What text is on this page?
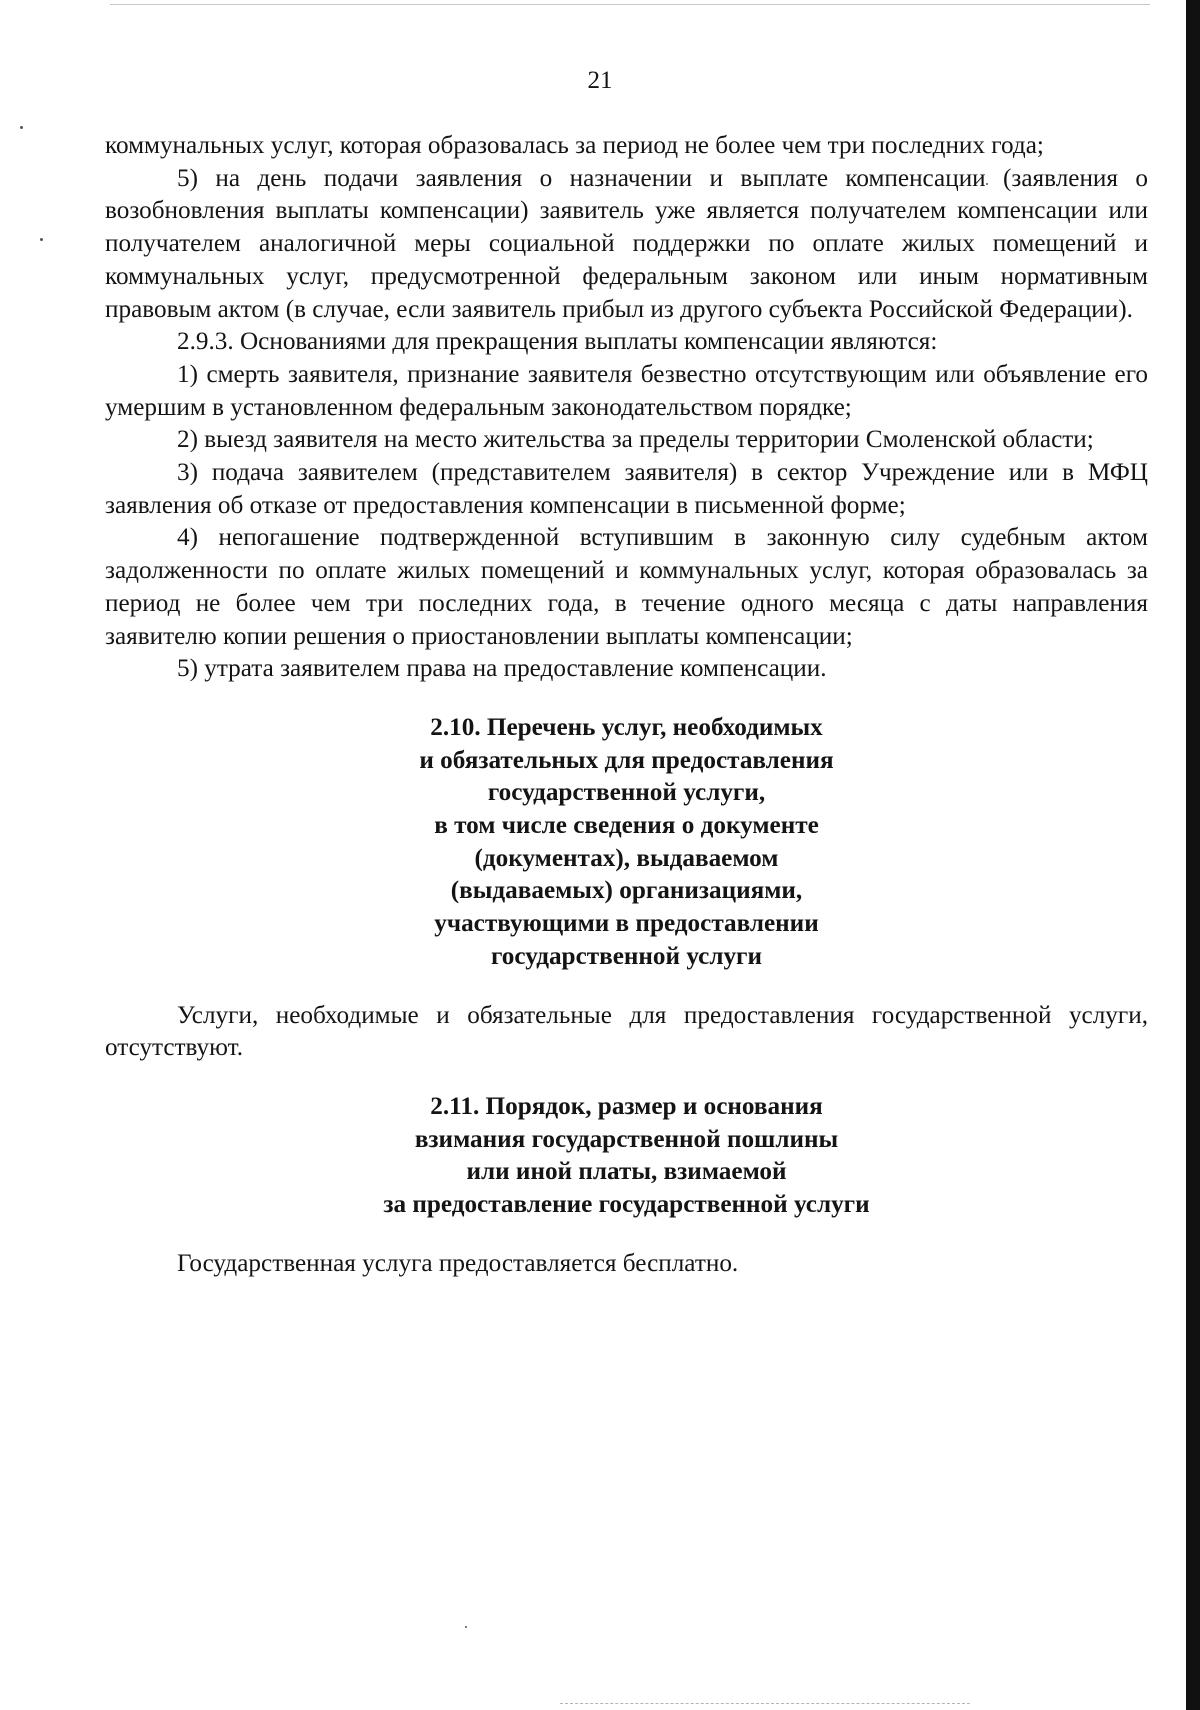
21

коммунальных услуг, которая образовалась за период не более чем три последних года;

5) на день подачи заявления о назначении и выплате компенсации (заявления о возобновления выплаты компенсации) заявитель уже является получателем компенсации или получателем аналогичной меры социальной поддержки по оплате жилых помещений и коммунальных услуг, предусмотренной федеральным законом или иным нормативным правовым актом (в случае, если заявитель прибыл из другого субъекта Российской Федерации).

2.9.3. Основаниями для прекращения выплаты компенсации являются:

1) смерть заявителя, признание заявителя безвестно отсутствующим или объявление его умершим в установленном федеральным законодательством порядке;

2) выезд заявителя на место жительства за пределы территории Смоленской области;

3) подача заявителем (представителем заявителя) в сектор Учреждение или в МФЦ заявления об отказе от предоставления компенсации в письменной форме;

4) непогашение подтвержденной вступившим в законную силу судебным актом задолженности по оплате жилых помещений и коммунальных услуг, которая образовалась за период не более чем три последних года, в течение одного месяца с даты направления заявителю копии решения о приостановлении выплаты компенсации;

5) утрата заявителем права на предоставление компенсации.

2.10. Перечень услуг, необходимых
и обязательных для предоставления
государственной услуги,
в том числе сведения о документе
(документах), выдаваемом
(выдаваемых) организациями,
участвующими в предоставлении
государственной услуги

Услуги, необходимые и обязательные для предоставления государственной услуги, отсутствуют.

2.11. Порядок, размер и основания
взимания государственной пошлины
или иной платы, взимаемой
за предоставление государственной услуги

Государственная услуга предоставляется бесплатно.
